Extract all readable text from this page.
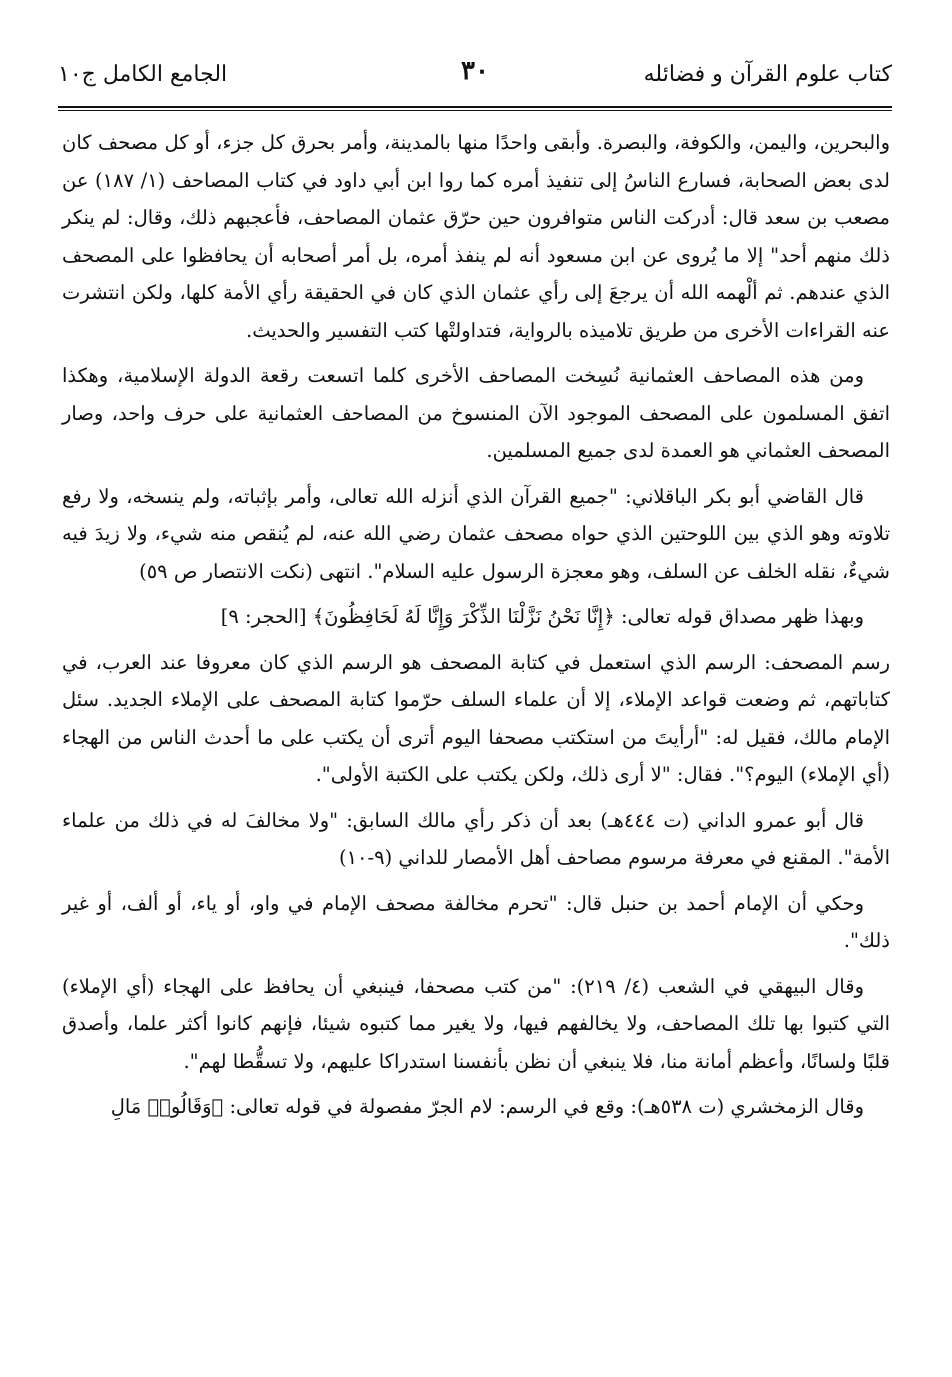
كتاب علوم القرآن و فضائله
٣٠
الجامع الكامل ج١٠

والبحرين، واليمن، والكوفة، والبصرة. وأبقى واحدًا منها بالمدينة، وأمر بحرق كل جزء، أو كل مصحف كان لدى بعض الصحابة، فسارع الناسُ إلى تنفيذ أمره كما روا ابن أبي داود في كتاب المصاحف (١/ ١٨٧) عن مصعب بن سعد قال: أدركت الناس متوافرون حين حرّق عثمان المصاحف، فأعجبهم ذلك، وقال: لم ينكر ذلك منهم أحد" إلا ما يُروى عن ابن مسعود أنه لم ينفذ أمره، بل أمر أصحابه أن يحافظوا على المصحف الذي عندهم. ثم ألْهمه الله أن يرجعَ إلى رأي عثمان الذي كان في الحقيقة رأي الأمة كلها، ولكن انتشرت عنه القراءات الأخرى من طريق تلاميذه بالرواية، فتداولتْها كتب التفسير والحديث.

ومن هذه المصاحف العثمانية نُسِخت المصاحف الأخرى كلما اتسعت رقعة الدولة الإسلامية، وهكذا اتفق المسلمون على المصحف الموجود الآن المنسوخ من المصاحف العثمانية على حرف واحد، وصار المصحف العثماني هو العمدة لدى جميع المسلمين.

قال القاضي أبو بكر الباقلاني: "جميع القرآن الذي أنزله الله تعالى، وأمر بإثباته، ولم ينسخه، ولا رفع تلاوته وهو الذي بين اللوحتين الذي حواه مصحف عثمان رضي الله عنه، لم يُنقص منه شيء، ولا زيدَ فيه شيءٌ، نقله الخلف عن السلف، وهو معجزة الرسول عليه السلام". انتهى (نكت الانتصار ص ٥٩)

وبهذا ظهر مصداق قوله تعالى: ﴿إِنَّا نَحْنُ نَزَّلْنَا الذِّكْرَ وَإِنَّا لَهُ لَحَافِظُونَ﴾ [الحجر: ٩]

رسم المصحف: الرسم الذي استعمل في كتابة المصحف هو الرسم الذي كان معروفا عند العرب، في كتاباتهم، ثم وضعت قواعد الإملاء، إلا أن علماء السلف حرّموا كتابة المصحف على الإملاء الجديد. سئل الإمام مالك، فقيل له: "أرأيتَ من استكتب مصحفا اليوم أترى أن يكتب على ما أحدث الناس من الهجاء (أي الإملاء) اليوم؟". فقال: "لا أرى ذلك، ولكن يكتب على الكتبة الأولى".

قال أبو عمرو الداني (ت ٤٤٤هـ) بعد أن ذكر رأي مالك السابق: "ولا مخالفَ له في ذلك من علماء الأمة". المقنع في معرفة مرسوم مصاحف أهل الأمصار للداني (٩-١٠)

وحكي أن الإمام أحمد بن حنبل قال: "تحرم مخالفة مصحف الإمام في واو، أو ياء، أو ألف، أو غير ذلك".

وقال البيهقي في الشعب (٤/ ٢١٩): "من كتب مصحفا، فينبغي أن يحافظ على الهجاء (أي الإملاء) التي كتبوا بها تلك المصاحف، ولا يخالفهم فيها، ولا يغير مما كتبوه شيئا، فإنهم كانوا أكثر علما، وأصدق قلبًا ولسانًا، وأعظم أمانة منا، فلا ينبغي أن نظن بأنفسنا استدراكا عليهم، ولا تسقُّطا لهم".

وقال الزمخشري (ت ٥٣٨هـ): وقع في الرسم: لام الجرّ مفصولة في قوله تعالى: ﴿وَقَالُوا۟ مَالِ
